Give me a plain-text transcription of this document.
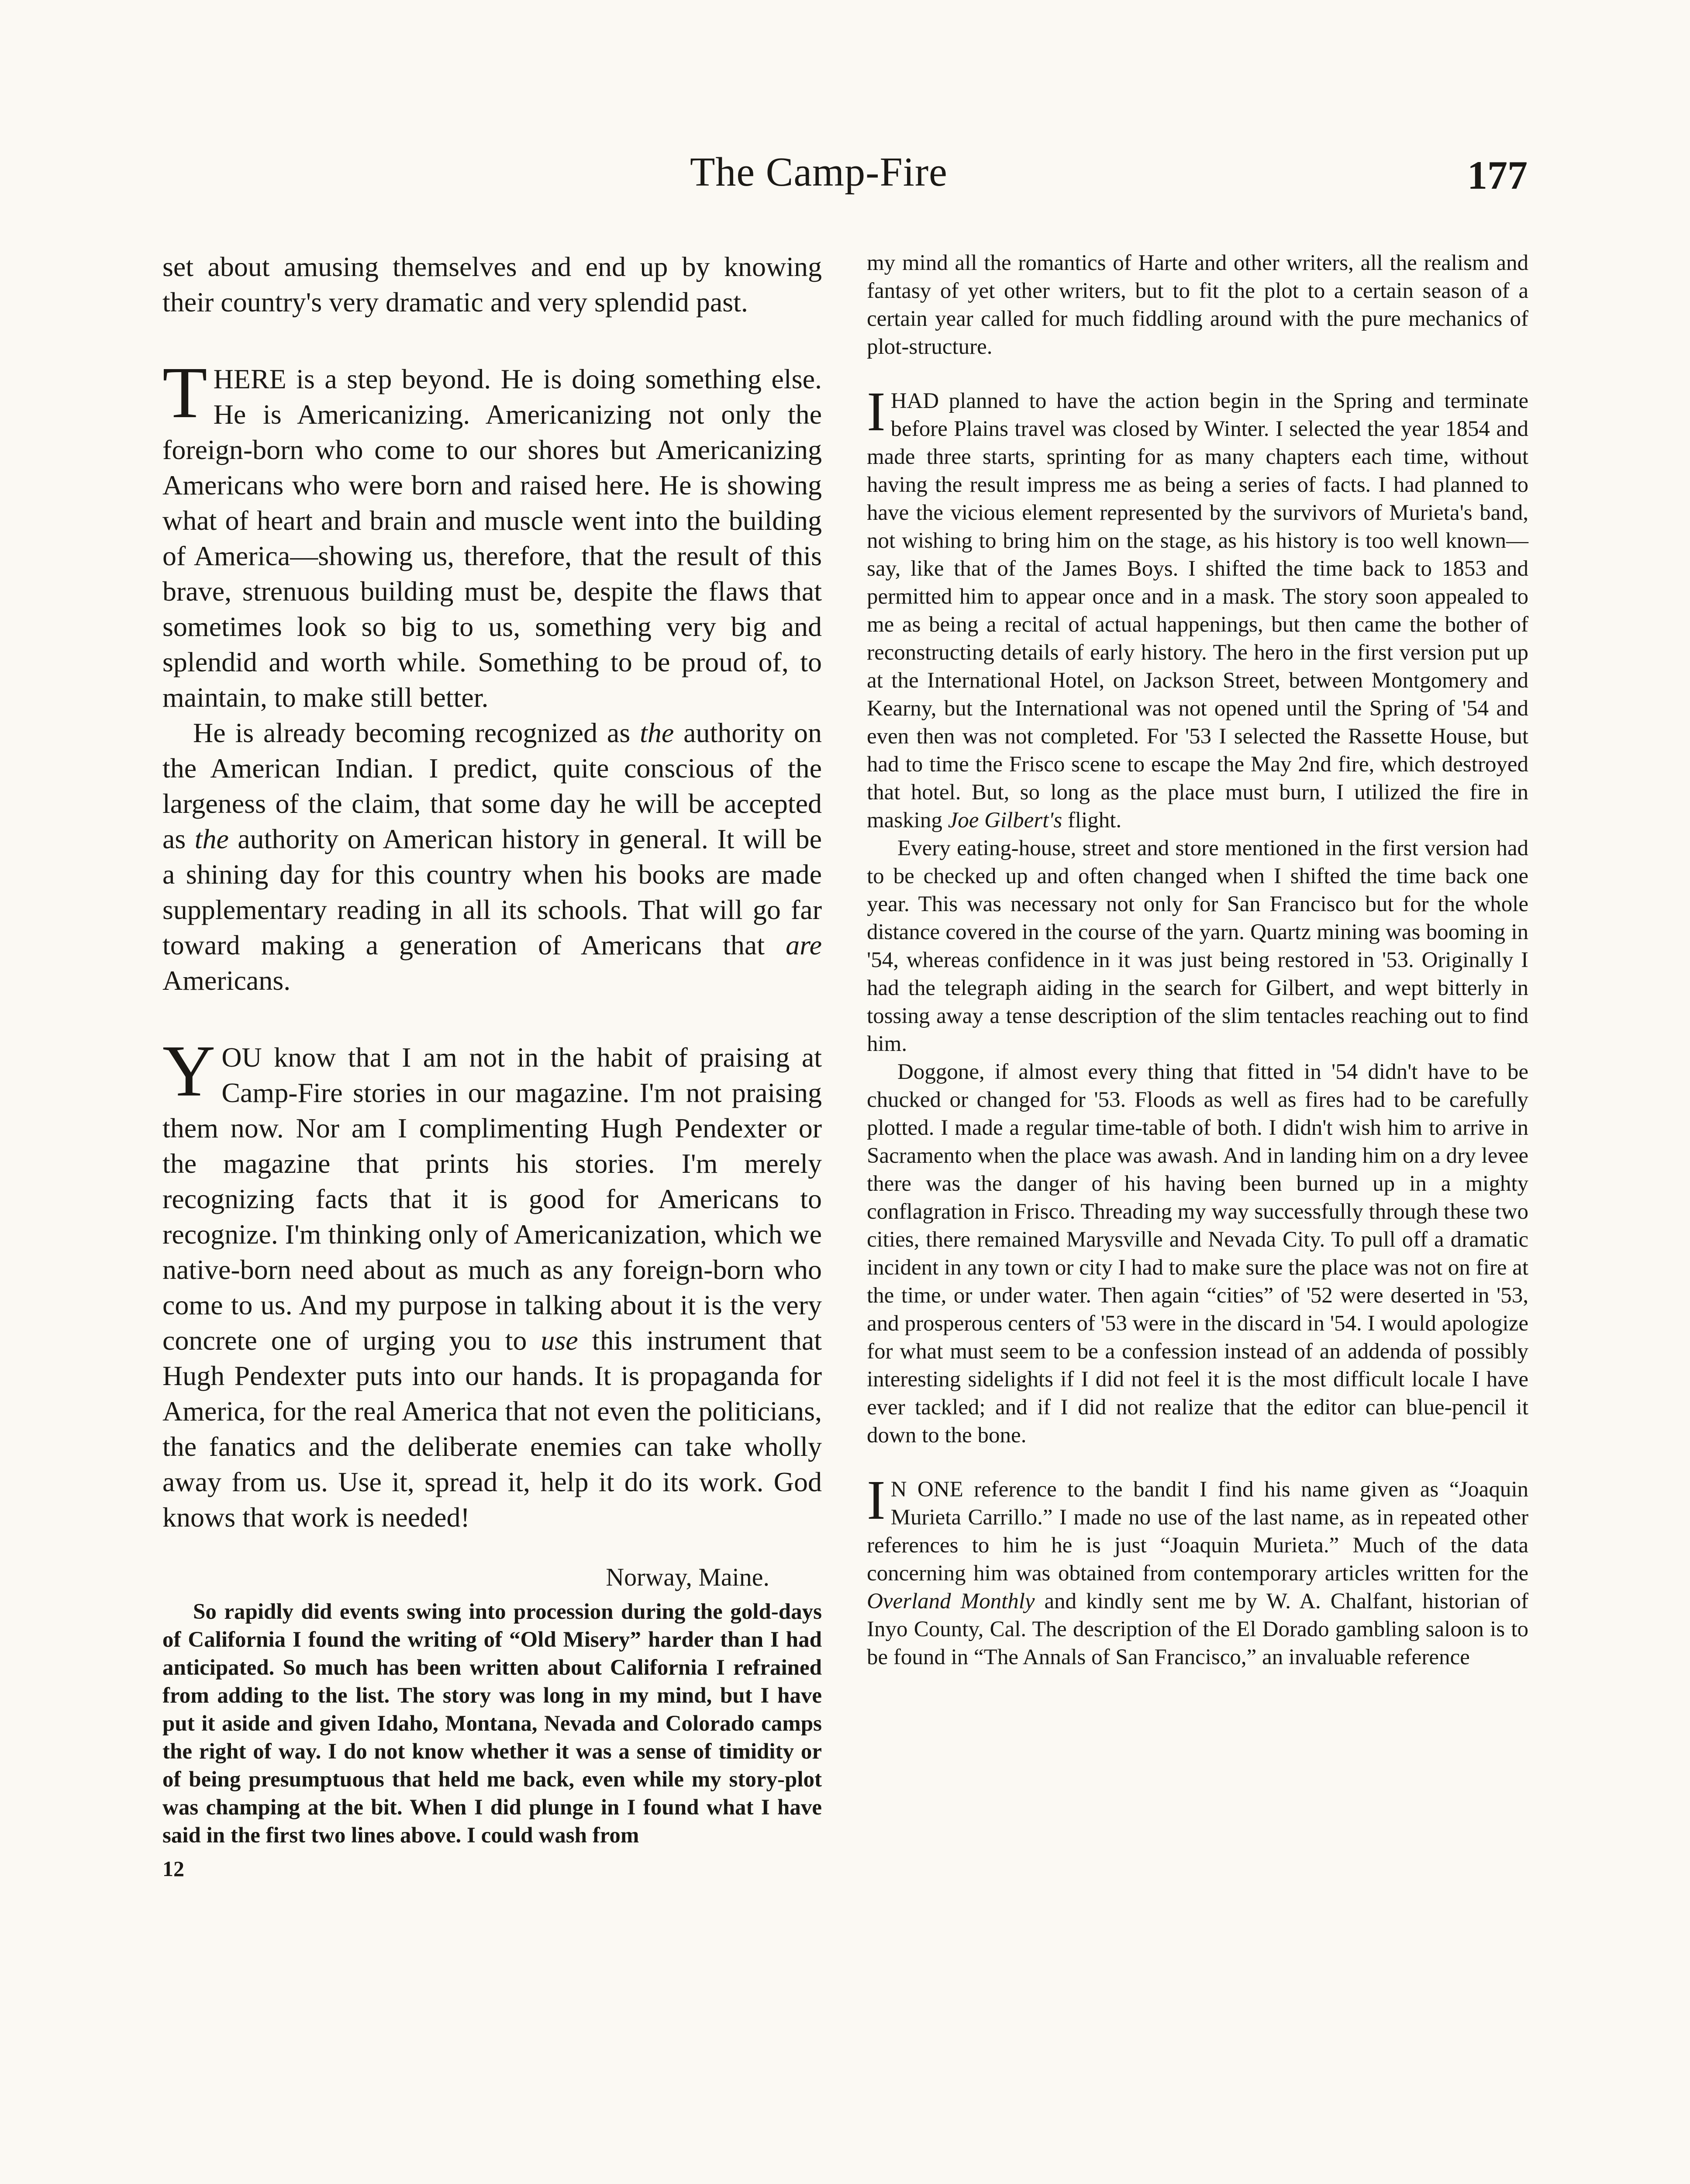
The Camp-Fire	177

set about amusing themselves and end up by knowing their country's very dramatic and very splendid past.

THERE is a step beyond. He is doing something else. He is Americanizing. Americanizing not only the foreign-born who come to our shores but Americanizing Americans who were born and raised here. He is showing what of heart and brain and muscle went into the building of America—showing us, therefore, that the result of this brave, strenuous building must be, despite the flaws that sometimes look so big to us, something very big and splendid and worth while. Something to be proud of, to maintain, to make still better.

He is already becoming recognized as the authority on the American Indian. I predict, quite conscious of the largeness of the claim, that some day he will be accepted as the authority on American history in general. It will be a shining day for this country when his books are made supplementary reading in all its schools. That will go far toward making a generation of Americans that are Americans.

YOU know that I am not in the habit of praising at Camp-Fire stories in our magazine. I'm not praising them now. Nor am I complimenting Hugh Pendexter or the magazine that prints his stories. I'm merely recognizing facts that it is good for Americans to recognize. I'm thinking only of Americanization, which we native-born need about as much as any foreign-born who come to us. And my purpose in talking about it is the very concrete one of urging you to use this instrument that Hugh Pendexter puts into our hands. It is propaganda for America, for the real America that not even the politicians, the fanatics and the deliberate enemies can take wholly away from us. Use it, spread it, help it do its work. God knows that work is needed!

Norway, Maine.

So rapidly did events swing into procession during the gold-days of California I found the writing of “Old Misery” harder than I had anticipated. So much has been written about California I refrained from adding to the list. The story was long in my mind, but I have put it aside and given Idaho, Montana, Nevada and Colorado camps the right of way. I do not know whether it was a sense of timidity or of being presumptuous that held me back, even while my story-plot was champing at the bit. When I did plunge in I found what I have said in the first two lines above. I could wash from

12

my mind all the romantics of Harte and other writers, all the realism and fantasy of yet other writers, but to fit the plot to a certain season of a certain year called for much fiddling around with the pure mechanics of plot-structure.

I HAD planned to have the action begin in the Spring and terminate before Plains travel was closed by Winter. I selected the year 1854 and made three starts, sprinting for as many chapters each time, without having the result impress me as being a series of facts. I had planned to have the vicious element represented by the survivors of Murieta's band, not wishing to bring him on the stage, as his history is too well known—say, like that of the James Boys. I shifted the time back to 1853 and permitted him to appear once and in a mask. The story soon appealed to me as being a recital of actual happenings, but then came the bother of reconstructing details of early history. The hero in the first version put up at the International Hotel, on Jackson Street, between Montgomery and Kearny, but the International was not opened until the Spring of '54 and even then was not completed. For '53 I selected the Rassette House, but had to time the Frisco scene to escape the May 2nd fire, which destroyed that hotel. But, so long as the place must burn, I utilized the fire in masking Joe Gilbert's flight.

Every eating-house, street and store mentioned in the first version had to be checked up and often changed when I shifted the time back one year. This was necessary not only for San Francisco but for the whole distance covered in the course of the yarn. Quartz mining was booming in '54, whereas confidence in it was just being restored in '53. Originally I had the telegraph aiding in the search for Gilbert, and wept bitterly in tossing away a tense description of the slim tentacles reaching out to find him.

Doggone, if almost every thing that fitted in '54 didn't have to be chucked or changed for '53. Floods as well as fires had to be carefully plotted. I made a regular time-table of both. I didn't wish him to arrive in Sacramento when the place was awash. And in landing him on a dry levee there was the danger of his having been burned up in a mighty conflagration in Frisco. Threading my way successfully through these two cities, there remained Marysville and Nevada City. To pull off a dramatic incident in any town or city I had to make sure the place was not on fire at the time, or under water. Then again “cities” of '52 were deserted in '53, and prosperous centers of '53 were in the discard in '54. I would apologize for what must seem to be a confession instead of an addenda of possibly interesting sidelights if I did not feel it is the most difficult locale I have ever tackled; and if I did not realize that the editor can blue-pencil it down to the bone.

I N ONE reference to the bandit I find his name given as “Joaquin Murieta Carrillo.” I made no use of the last name, as in repeated other references to him he is just “Joaquin Murieta.” Much of the data concerning him was obtained from contemporary articles written for the Overland Monthly and kindly sent me by W. A. Chalfant, historian of Inyo County, Cal. The description of the El Dorado gambling saloon is to be found in “The Annals of San Francisco,” an invaluable reference
